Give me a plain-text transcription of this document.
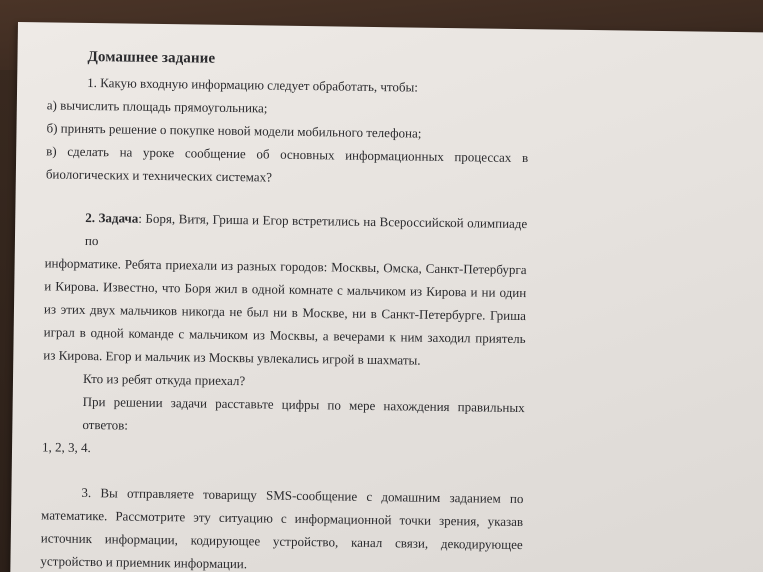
Домашнее задание

1. Какую входную информацию следует обработать, чтобы:

а) вычислить площадь прямоугольника;

б) принять решение о покупке новой модели мобильного телефона;

в) сделать на уроке сообщение об основных информационных процессах в

биологических и технических системах?

2. Задача: Боря, Витя, Гриша и Егор встретились на Всероссийской олимпиаде по

информатике. Ребята приехали из разных городов: Москвы, Омска, Санкт-Петербурга

и Кирова. Известно, что Боря жил в одной комнате с мальчиком из Кирова и ни один

из этих двух мальчиков никогда не был ни в Москве, ни в Санкт-Петербурге. Гриша

играл в одной команде с мальчиком из Москвы, а вечерами к ним заходил приятель

из Кирова. Егор и мальчик из Москвы увлекались игрой в шахматы.

Кто из ребят откуда приехал?

При решении задачи расставьте цифры по мере нахождения правильных ответов:

1, 2, 3, 4.

3. Вы отправляете товарищу SMS-сообщение с домашним заданием по

математике. Рассмотрите эту ситуацию с информационной точки зрения, указав

источник информации, кодирующее устройство, канал связи, декодирующее

устройство и приемник информации.
